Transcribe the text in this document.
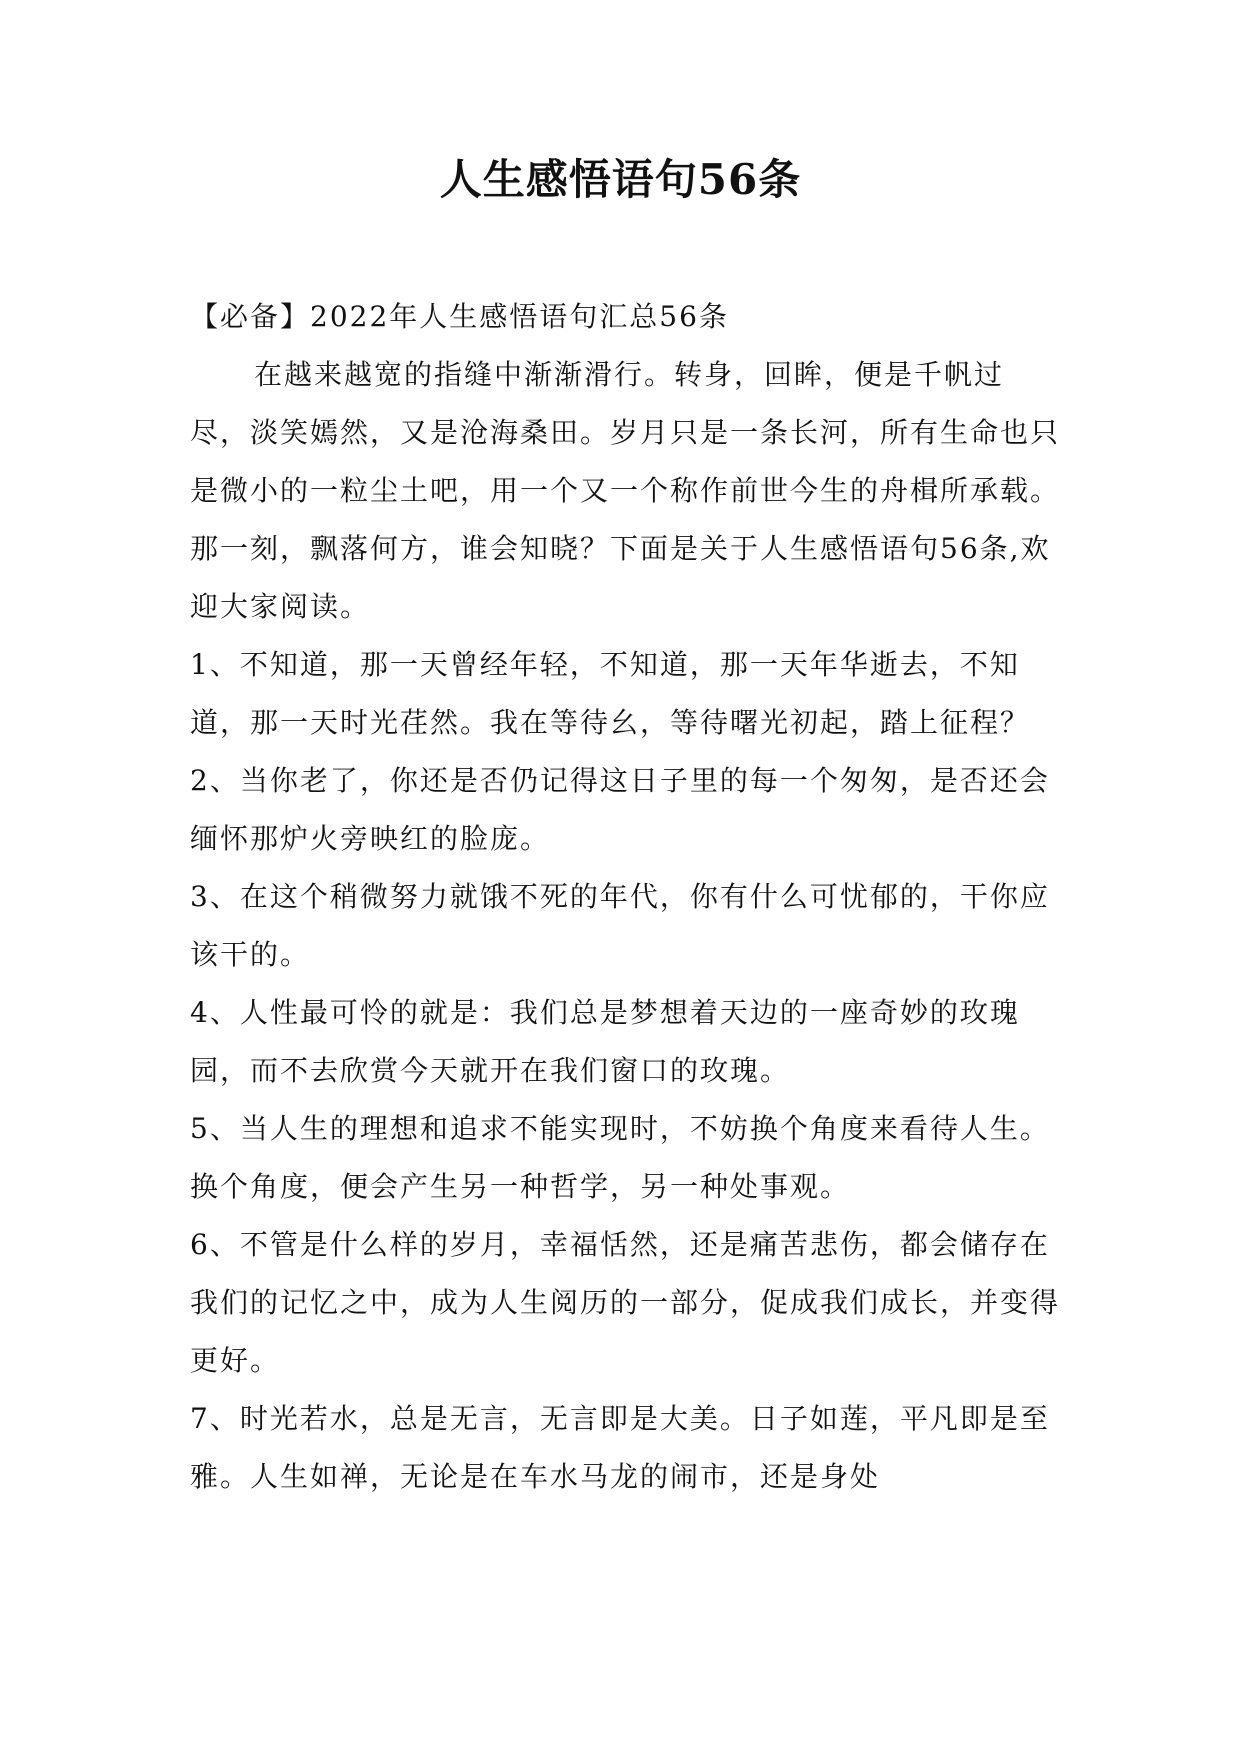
人生感悟语句56条

【必备】2022年人生感悟语句汇总56条

在越来越宽的指缝中渐渐滑行。转身，回眸，便是千帆过尽，淡笑嫣然，又是沧海桑田。岁月只是一条长河，所有生命也只是微小的一粒尘土吧，用一个又一个称作前世今生的舟楫所承载。那一刻，飘落何方，谁会知晓？下面是关于人生感悟语句56条,欢迎大家阅读。

1、不知道，那一天曾经年轻，不知道，那一天年华逝去，不知道，那一天时光荏然。我在等待幺，等待曙光初起，踏上征程？

2、当你老了，你还是否仍记得这日子里的每一个匆匆，是否还会缅怀那炉火旁映红的脸庞。

3、在这个稍微努力就饿不死的年代，你有什么可忧郁的，干你应该干的。

4、人性最可怜的就是：我们总是梦想着天边的一座奇妙的玫瑰园，而不去欣赏今天就开在我们窗口的玫瑰。

5、当人生的理想和追求不能实现时，不妨换个角度来看待人生。换个角度，便会产生另一种哲学，另一种处事观。

6、不管是什么样的岁月，幸福恬然，还是痛苦悲伤，都会储存在我们的记忆之中，成为人生阅历的一部分，促成我们成长，并变得更好。

7、时光若水，总是无言，无言即是大美。日子如莲，平凡即是至雅。人生如禅，无论是在车水马龙的闹市，还是身处
